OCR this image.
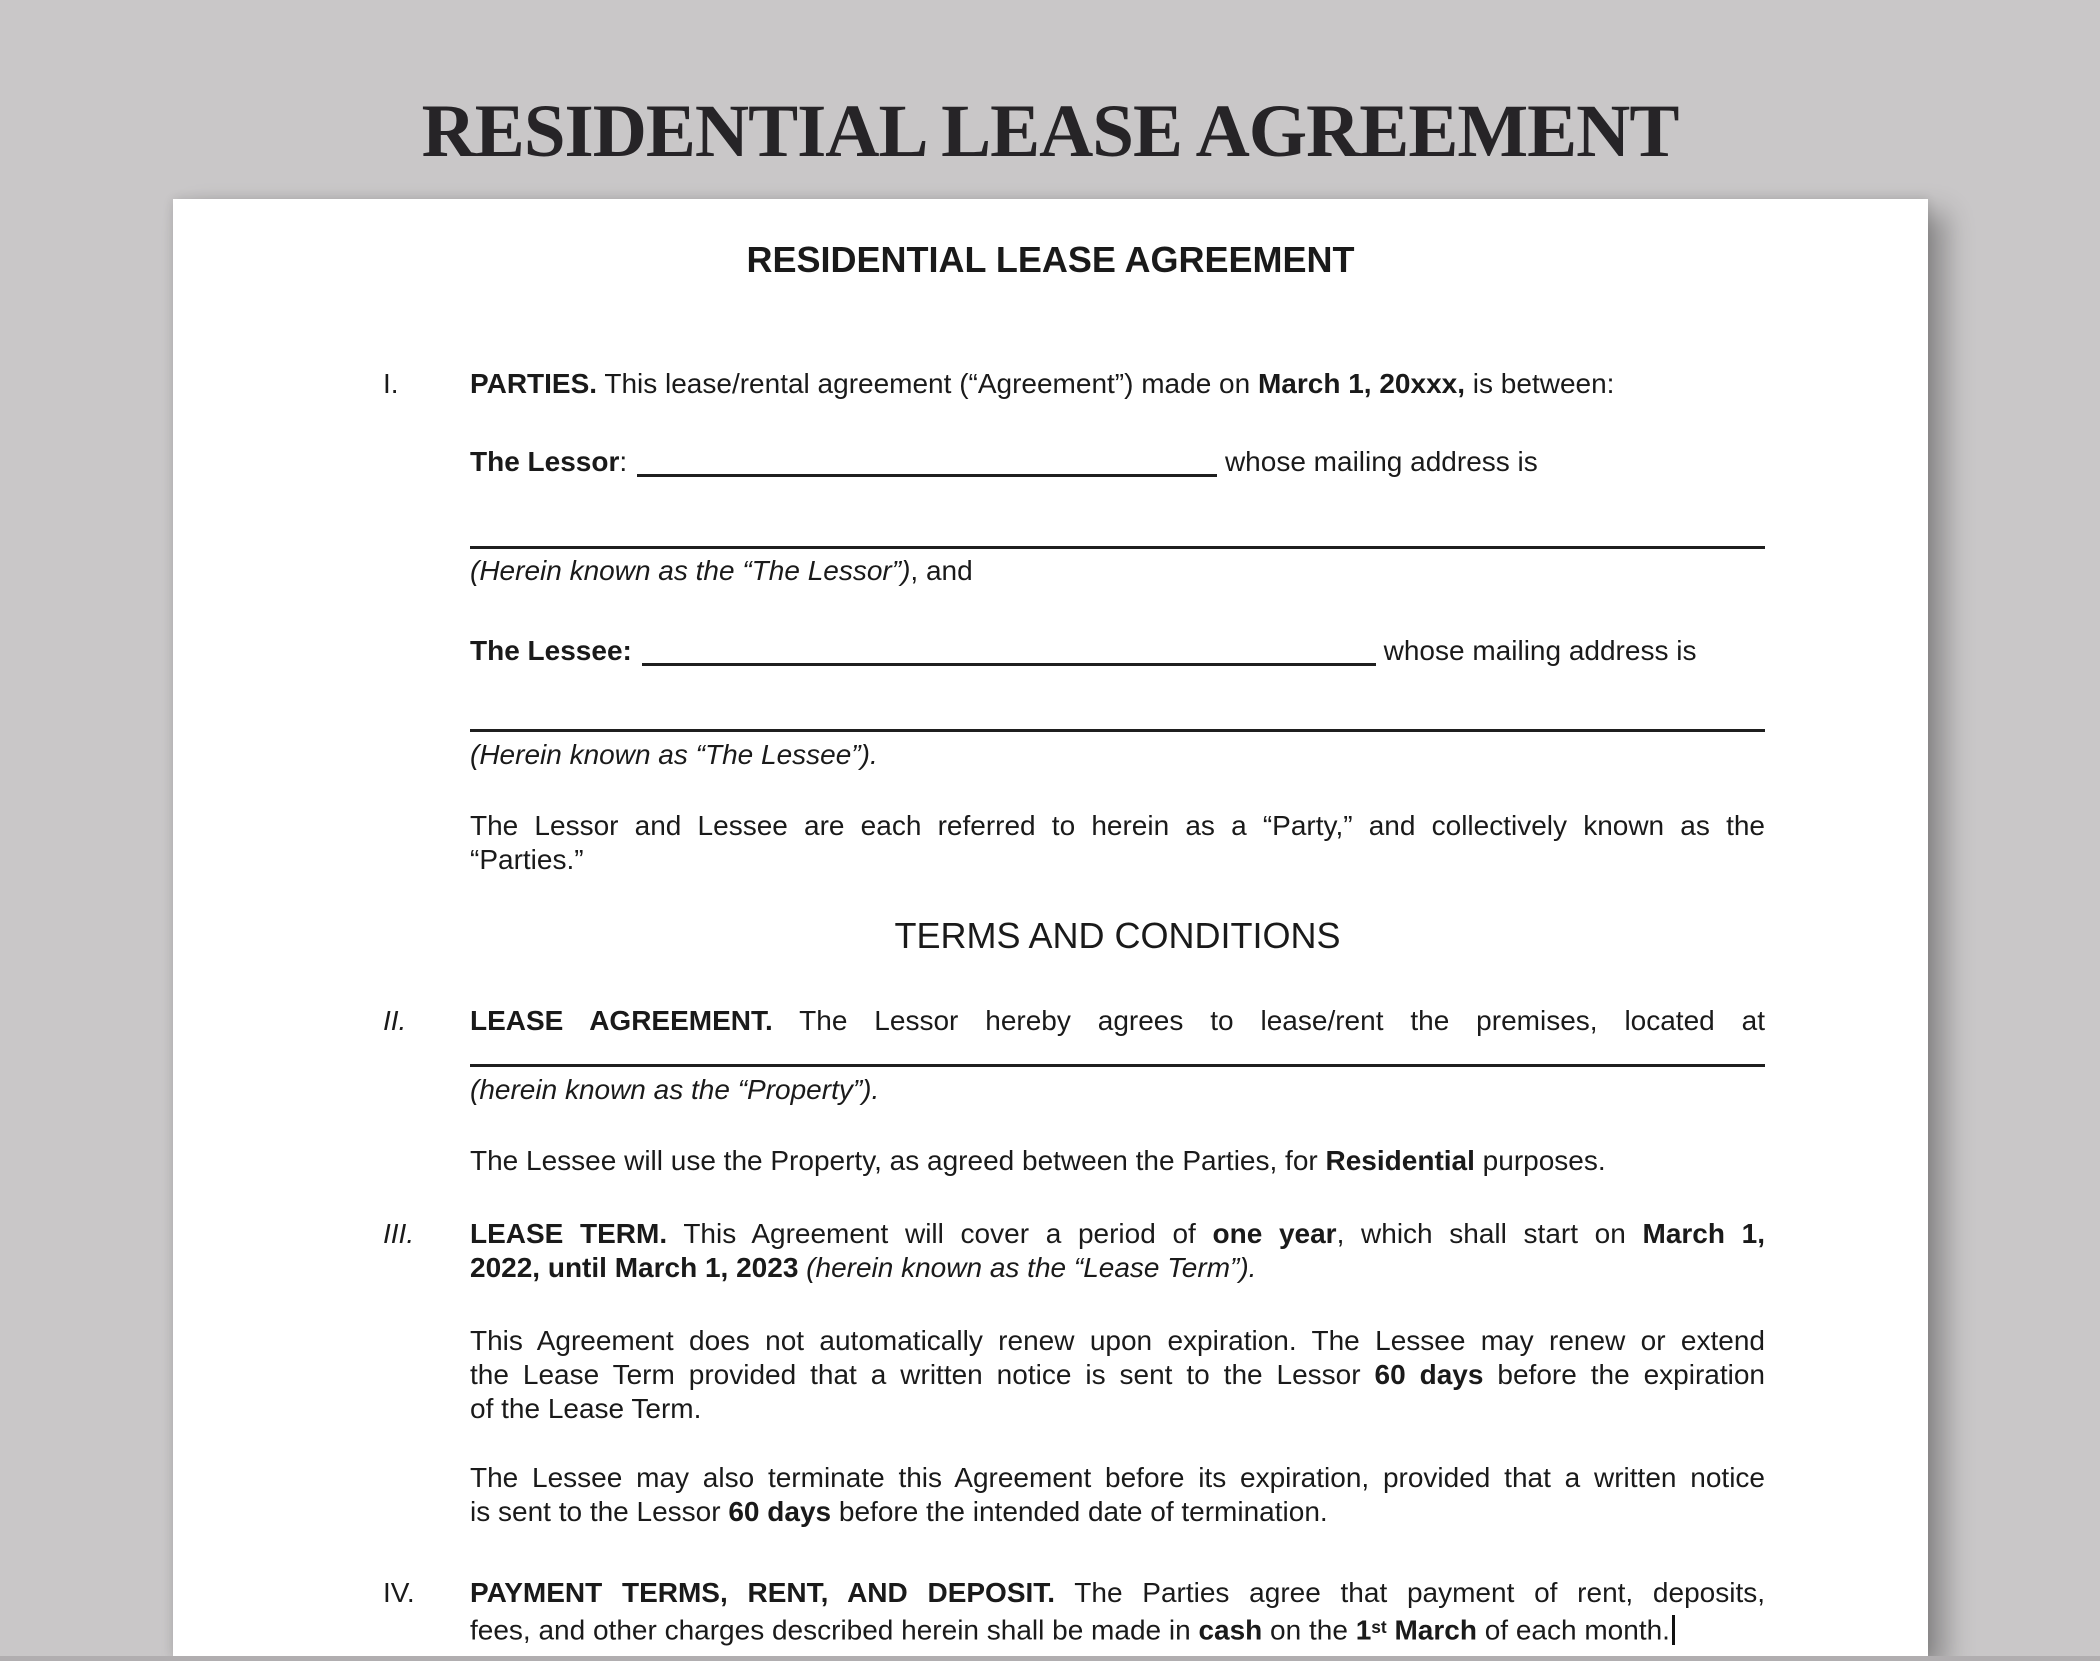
RESIDENTIAL LEASE AGREEMENT
RESIDENTIAL LEASE AGREEMENT
I.	PARTIES. This lease/rental agreement (“Agreement”) made on March 1, 20xxx, is between:
The Lessor:	whose mailing address is
(Herein known as the “The Lessor”), and
The Lessee:	whose mailing address is
(Herein known as “The Lessee”).
The Lessor and Lessee are each referred to herein as a “Party,” and collectively known as the
“Parties.”
TERMS AND CONDITIONS
II.	LEASE AGREEMENT. The Lessor hereby agrees to lease/rent the premises, located at
(herein known as the “Property”).
The Lessee will use the Property, as agreed between the Parties, for Residential purposes.
III.	LEASE TERM. This Agreement will cover a period of one year, which shall start on March 1,
2022, until March 1, 2023 (herein known as the “Lease Term”).
This Agreement does not automatically renew upon expiration. The Lessee may renew or extend
the Lease Term provided that a written notice is sent to the Lessor 60 days before the expiration
of the Lease Term.
The Lessee may also terminate this Agreement before its expiration, provided that a written notice
is sent to the Lessor 60 days before the intended date of termination.
IV.	PAYMENT TERMS, RENT, AND DEPOSIT. The Parties agree that payment of rent, deposits,
fees, and other charges described herein shall be made in cash on the 1st March of each month.
